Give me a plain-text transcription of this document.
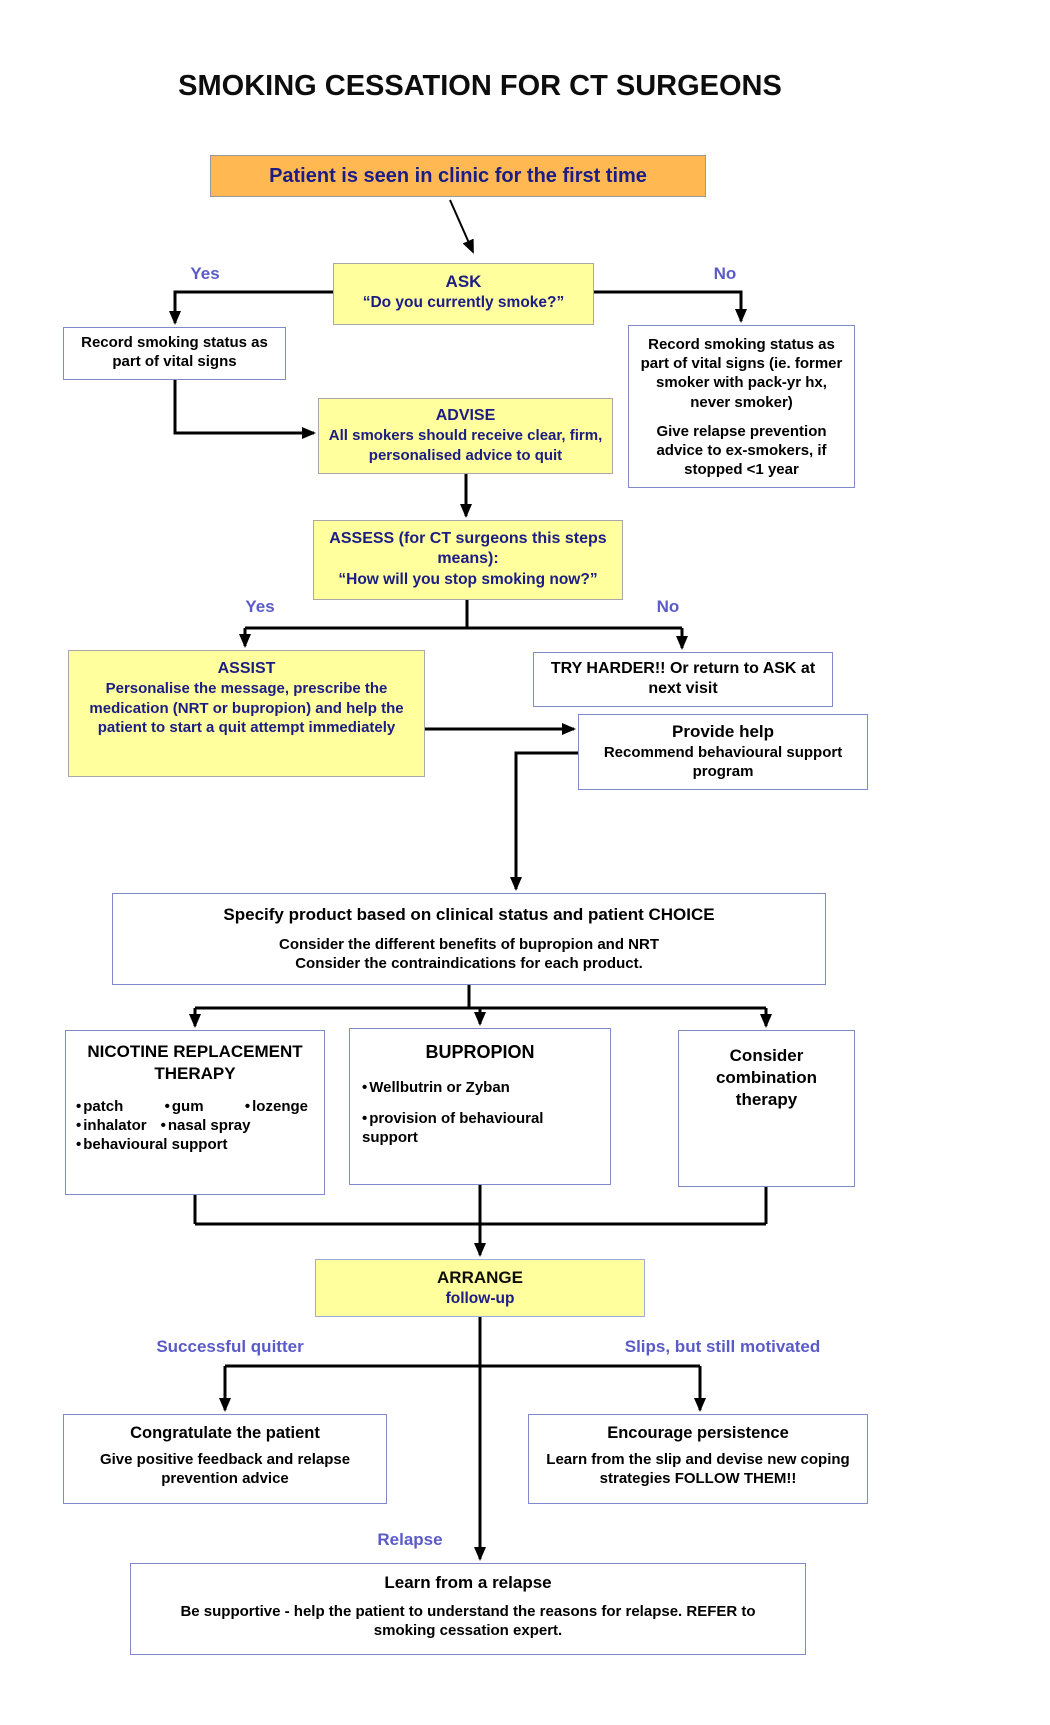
SMOKING CESSATION FOR CT SURGEONS
Patient is seen in clinic for the first time
ASK
“Do you currently smoke?”
Yes	No
Record smoking status as part of vital signs

Record smoking status as part of vital signs (ie. former smoker with pack-yr hx, never smoker)

Give relapse prevention advice to ex-smokers, if stopped <1 year

ADVISE
All smokers should receive clear, firm, personalised advice to quit
ASSESS (for CT surgeons this steps means):
“How will you stop smoking now?”
Yes	No
ASSIST
Personalise the message, prescribe the medication (NRT or bupropion) and help the patient to start a quit attempt immediately
TRY HARDER!! Or return to ASK at next visit
Provide help
Recommend behavioural support program
Specify product based on clinical status and patient CHOICE
Consider the different benefits of bupropion and NRT
Consider the contraindications for each product.
NICOTINE REPLACEMENT THERAPY
• patch	• gum	• lozenge
• inhalator	• nasal spray
• behavioural support
BUPROPION
• Wellbutrin or Zyban
• provision of behavioural support
Consider combination therapy
ARRANGE
follow-up
Successful quitter	Slips, but still motivated
Congratulate the patient
Give positive feedback and relapse prevention advice
Encourage persistence
Learn from the slip and devise new coping strategies FOLLOW THEM!!
Relapse
Learn from a relapse
Be supportive - help the patient to understand the reasons for relapse. REFER to smoking cessation expert.
